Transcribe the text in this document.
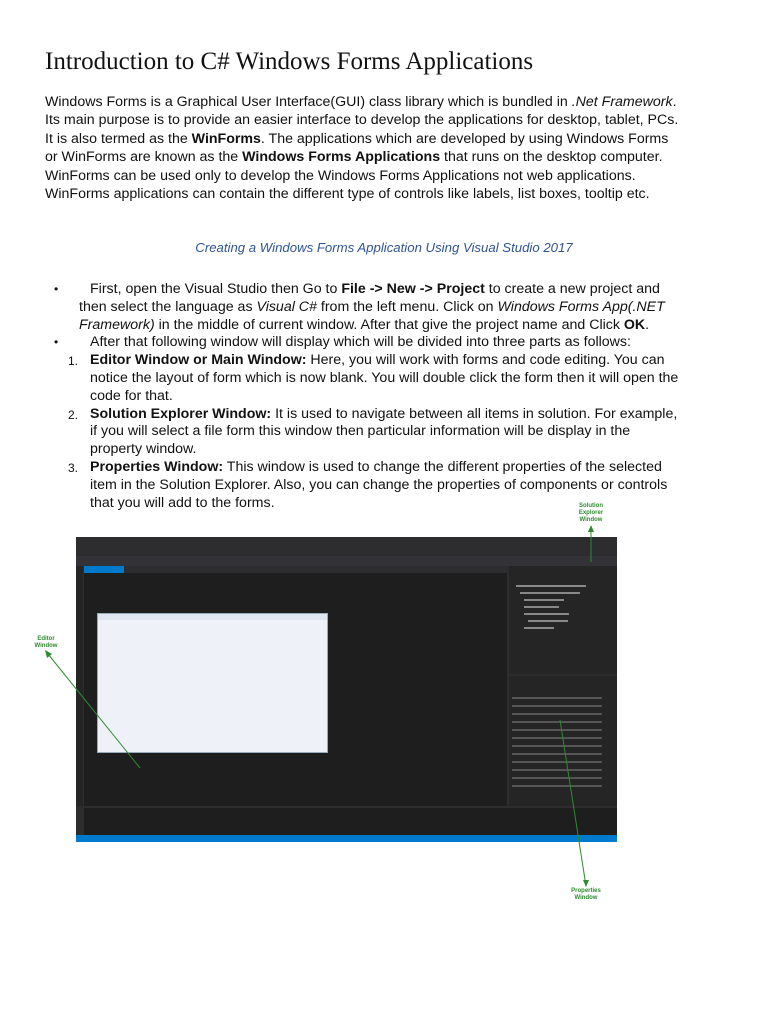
Introduction to C# Windows Forms Applications
Windows Forms is a Graphical User Interface(GUI) class library which is bundled in .Net Framework.
Its main purpose is to provide an easier interface to develop the applications for desktop, tablet, PCs.
It is also termed as the WinForms. The applications which are developed by using Windows Forms
or WinForms are known as the Windows Forms Applications that runs on the desktop computer.
WinForms can be used only to develop the Windows Forms Applications not web applications.
WinForms applications can contain the different type of controls like labels, list boxes, tooltip etc.
Creating a Windows Forms Application Using Visual Studio 2017
•	First, open the Visual Studio then Go to File -> New -> Project to create a new project and
then select the language as Visual C# from the left menu. Click on Windows Forms App(.NET
Framework) in the middle of current window. After that give the project name and Click OK.
•	After that following window will display which will be divided into three parts as follows:
1. Editor Window or Main Window: Here, you will work with forms and code editing. You can
notice the layout of form which is now blank. You will double click the form then it will open the
code for that.
2. Solution Explorer Window: It is used to navigate between all items in solution. For example,
if you will select a file form this window then particular information will be display in the
property window.
3. Properties Window: This window is used to change the different properties of the selected
item in the Solution Explorer. Also, you can change the properties of components or controls
that you will add to the forms.	Solution
Explorer
Window
Editor
Window
Properties
Window
